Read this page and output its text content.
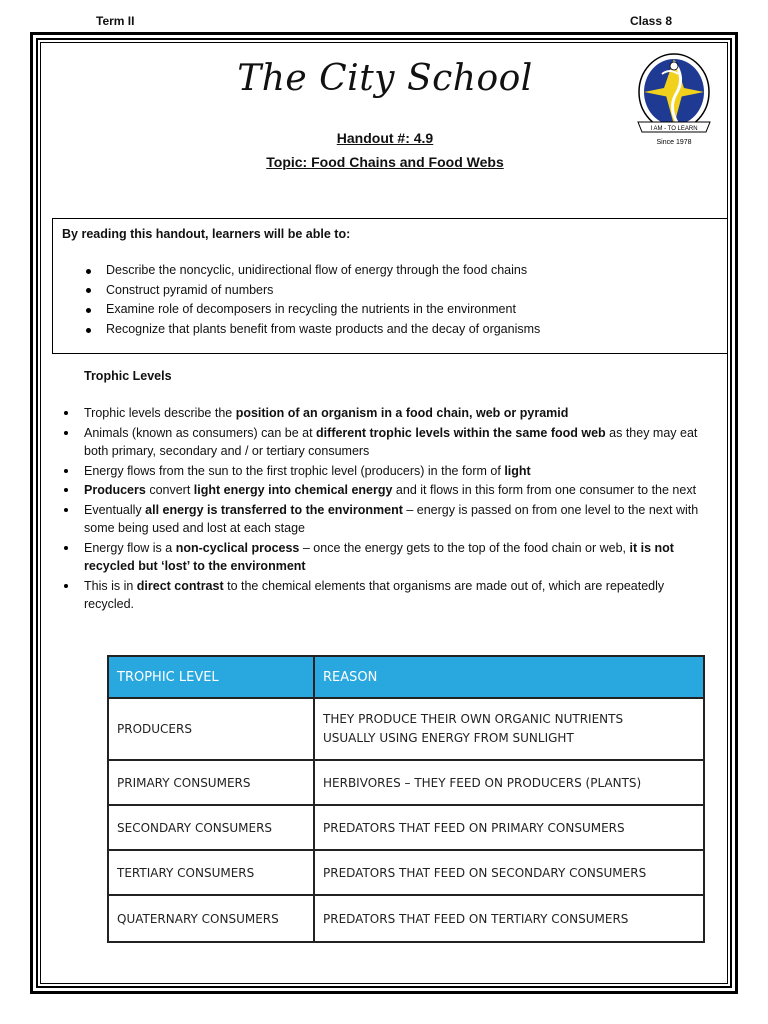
Term II	Class 8
The City School
I AM - TO LEARN
Since 1978
Handout #: 4.9
Topic: Food Chains and Food Webs
By reading this handout, learners will be able to:
Describe the noncyclic, unidirectional flow of energy through the food chains
Construct pyramid of numbers
Examine role of decomposers in recycling the nutrients in the environment
Recognize that plants benefit from waste products and the decay of organisms
Trophic Levels
Trophic levels describe the position of an organism in a food chain, web or pyramid
Animals (known as consumers) can be at different trophic levels within the same food web as they may eat both primary, secondary and / or tertiary consumers
Energy flows from the sun to the first trophic level (producers) in the form of light
Producers convert light energy into chemical energy and it flows in this form from one consumer to the next
Eventually all energy is transferred to the environment – energy is passed on from one level to the next with some being used and lost at each stage
Energy flow is a non-cyclical process – once the energy gets to the top of the food chain or web, it is not recycled but ‘lost’ to the environment
This is in direct contrast to the chemical elements that organisms are made out of, which are repeatedly recycled.
TROPHIC LEVEL	REASON
PRODUCERS	THEY PRODUCE THEIR OWN ORGANIC NUTRIENTS
USUALLY USING ENERGY FROM SUNLIGHT

PRIMARY CONSUMERS	HERBIVORES – THEY FEED ON PRODUCERS (PLANTS)
SECONDARY CONSUMERS	PREDATORS THAT FEED ON PRIMARY CONSUMERS
TERTIARY CONSUMERS	PREDATORS THAT FEED ON SECONDARY CONSUMERS
QUATERNARY CONSUMERS	PREDATORS THAT FEED ON TERTIARY CONSUMERS
